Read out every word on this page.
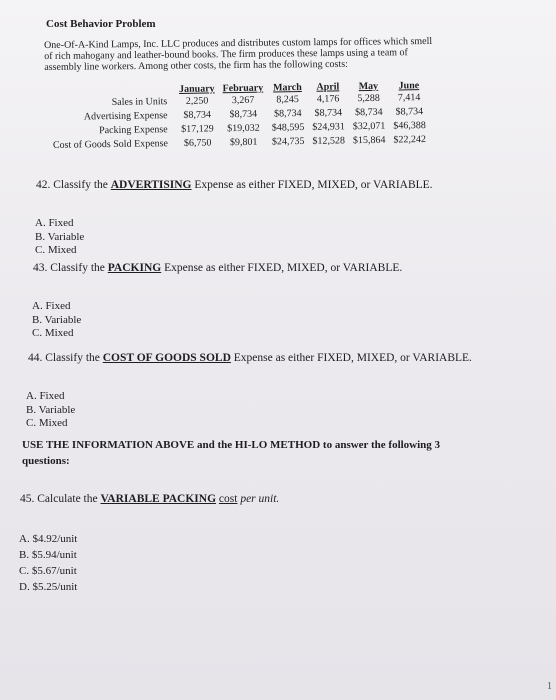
Cost Behavior Problem
One-Of-A-Kind Lamps, Inc. LLC produces and distributes custom lamps for offices which smell
of rich mahogany and leather-bound books. The firm produces these lamps using a team of
assembly line workers. Among other costs, the firm has the following costs:
	January	February	March	April	May	June
Sales in Units	2,250	3,267	8,245	4,176	5,288	7,414
Advertising Expense	$8,734	$8,734	$8,734	$8,734	$8,734	$8,734
Packing Expense	$17,129	$19,032	$48,595	$24,931	$32,071	$46,388
Cost of Goods Sold Expense	$6,750	$9,801	$24,735	$12,528	$15,864	$22,242
42. Classify the ADVERTISING Expense as either FIXED, MIXED, or VARIABLE.
A. Fixed
B. Variable
C. Mixed
43. Classify the PACKING Expense as either FIXED, MIXED, or VARIABLE.
A. Fixed
B. Variable
C. Mixed
44. Classify the COST OF GOODS SOLD Expense as either FIXED, MIXED, or VARIABLE.
A. Fixed
B. Variable
C. Mixed
USE THE INFORMATION ABOVE and the HI-LO METHOD to answer the following 3
questions:
45. Calculate the VARIABLE PACKING cost per unit.
A. $4.92/unit
B. $5.94/unit
C. $5.67/unit
D. $5.25/unit
1
